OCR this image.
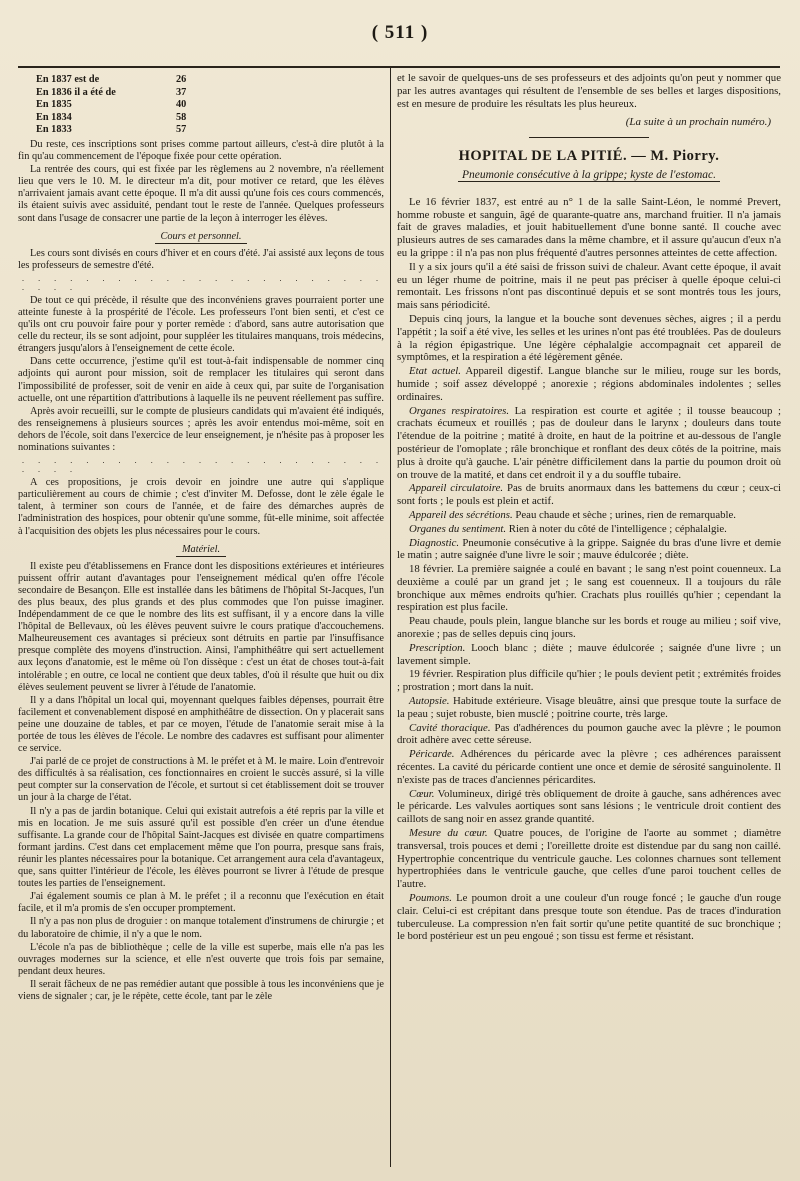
( 511 )
En 1837 est de	26
En 1836 il a été de	37
En 1835	40
En 1834	58
En 1833	57

Du reste, ces inscriptions sont prises comme partout ailleurs, c'est-à dire plutôt à la fin qu'au commencement de l'époque fixée pour cette opération.

La rentrée des cours, qui est fixée par les règlemens au 2 novembre, n'a réellement lieu que vers le 10. M. le directeur m'a dit, pour motiver ce retard, que les élèves n'arrivaient jamais avant cette époque. Il m'a dit aussi qu'une fois ces cours commencés, ils étaient suivis avec assiduité, pendant tout le reste de l'année. Quelques professeurs sont dans l'usage de consacrer une partie de la leçon à interroger les élèves.

Cours et personnel.

Les cours sont divisés en cours d'hiver et en cours d'été. J'ai assisté aux leçons de tous les professeurs de semestre d'été.

. . . . . . . . . . . . . . . . . . . . . . . . . . .

De tout ce qui précède, il résulte que des inconvéniens graves pourraient porter une atteinte funeste à la prospérité de l'école. Les professeurs l'ont bien senti, et c'est ce qu'ils ont cru pouvoir faire pour y porter remède : d'abord, sans autre autorisation que celle du recteur, ils se sont adjoint, pour suppléer les titulaires manquans, trois médecins, étrangers jusqu'alors à l'enseignement de cette école.

Dans cette occurrence, j'estime qu'il est tout-à-fait indispensable de nommer cinq adjoints qui auront pour mission, soit de remplacer les titulaires qui seront dans l'impossibilité de professer, soit de venir en aide à ceux qui, par suite de l'organisation actuelle, ont une répartition d'attributions à laquelle ils ne peuvent réellement pas suffire.

Après avoir recueilli, sur le compte de plusieurs candidats qui m'avaient été indiqués, des renseignemens à plusieurs sources ; après les avoir entendus moi-même, soit en dehors de l'école, soit dans l'exercice de leur enseignement, je n'hésite pas à proposer les nominations suivantes :

. . . . . . . . . . . . . . . . . . . . . . . . . . .

A ces propositions, je crois devoir en joindre une autre qui s'applique particulièrement au cours de chimie ; c'est d'inviter M. Defosse, dont le zèle égale le talent, à terminer son cours de l'année, et de faire des démarches auprès de l'administration des hospices, pour obtenir qu'une somme, fût-elle minime, soit affectée à l'acquisition des objets les plus nécessaires pour le cours.

Matériel.

Il existe peu d'établissemens en France dont les dispositions extérieures et intérieures puissent offrir autant d'avantages pour l'enseignement médical qu'en offre l'école secondaire de Besançon. Elle est installée dans les bâtimens de l'hôpital St-Jacques, l'un des plus beaux, des plus grands et des plus commodes que l'on puisse imaginer. Indépendamment de ce que le nombre des lits est suffisant, il y a encore dans la ville l'hôpital de Bellevaux, où les élèves peuvent suivre le cours pratique d'accouchemens. Malheureusement ces avantages si précieux sont détruits en partie par l'insuffisance presque complète des moyens d'instruction. Ainsi, l'amphithéâtre qui sert actuellement aux leçons d'anatomie, est le même où l'on dissèque : c'est un état de choses tout-à-fait intolérable ; en outre, ce local ne contient que deux tables, d'où il résulte que huit ou dix élèves seulement peuvent se livrer à l'étude de l'anatomie.

Il y a dans l'hôpital un local qui, moyennant quelques faibles dépenses, pourrait être facilement et convenablement disposé en amphithéâtre de dissection. On y placerait sans peine une douzaine de tables, et par ce moyen, l'étude de l'anatomie serait mise à la portée de tous les élèves de l'école. Le nombre des cadavres est suffisant pour alimenter ce service.

J'ai parlé de ce projet de constructions à M. le préfet et à M. le maire. Loin d'entrevoir des difficultés à sa réalisation, ces fonctionnaires en croient le succès assuré, si la ville peut compter sur la conservation de l'école, et surtout si cet établissement doit se trouver un jour à la charge de l'état.

Il n'y a pas de jardin botanique. Celui qui existait autrefois a été repris par la ville et mis en location. Je me suis assuré qu'il est possible d'en créer un d'une étendue suffisante. La grande cour de l'hôpital Saint-Jacques est divisée en quatre compartimens formant jardins. C'est dans cet emplacement même que l'on pourra, presque sans frais, réunir les plantes nécessaires pour la botanique. Cet arrangement aura cela d'avantageux, que, sans quitter l'intérieur de l'école, les élèves pourront se livrer à l'étude de presque toutes les parties de l'enseignement.

J'ai également soumis ce plan à M. le préfet ; il a reconnu que l'exécution en était facile, et il m'a promis de s'en occuper promptement.

Il n'y a pas non plus de droguier : on manque totalement d'instrumens de chirurgie ; et du laboratoire de chimie, il n'y a que le nom.

L'école n'a pas de bibliothèque ; celle de la ville est superbe, mais elle n'a pas les ouvrages modernes sur la science, et elle n'est ouverte que trois fois par semaine, pendant deux heures.

Il serait fâcheux de ne pas remédier autant que possible à tous les inconvéniens que je viens de signaler ; car, je le répète, cette école, tant par le zèle

et le savoir de quelques-uns de ses professeurs et des adjoints qu'on peut y nommer que par les autres avantages qui résultent de l'ensemble de ses belles et larges dispositions, est en mesure de produire les résultats les plus heureux.

(La suite à un prochain numéro.)
HOPITAL DE LA PITIÉ. — M. Piorry.
Pneumonie consécutive à la grippe; kyste de l'estomac.

Le 16 février 1837, est entré au n° 1 de la salle Saint-Léon, le nommé Prevert, homme robuste et sanguin, âgé de quarante-quatre ans, marchand fruitier. Il n'a jamais fait de graves maladies, et jouit habituellement d'une bonne santé. Il couche avec plusieurs autres de ses camarades dans la même chambre, et il assure qu'aucun d'eux n'a eu la grippe : il n'a pas non plus fréquenté d'autres personnes atteintes de cette affection.

Il y a six jours qu'il a été saisi de frisson suivi de chaleur. Avant cette époque, il avait eu un léger rhume de poitrine, mais il ne peut pas préciser à quelle époque celui-ci remontait. Les frissons n'ont pas discontinué depuis et se sont montrés tous les jours, mais sans périodicité.

Depuis cinq jours, la langue et la bouche sont devenues sèches, aigres ; il a perdu l'appétit ; la soif a été vive, les selles et les urines n'ont pas été troublées. Pas de douleurs à la région épigastrique. Une légère céphalalgie accompagnait cet appareil de symptômes, et la respiration a été légèrement gênée.

Etat actuel. Appareil digestif. Langue blanche sur le milieu, rouge sur les bords, humide ; soif assez développé ; anorexie ; régions abdominales indolentes ; selles ordinaires.

Organes respiratoires. La respiration est courte et agitée ; il tousse beaucoup ; crachats écumeux et rouillés ; pas de douleur dans le larynx ; douleurs dans toute l'étendue de la poitrine ; matité à droite, en haut de la poitrine et au-dessous de l'angle postérieur de l'omoplate ; râle bronchique et ronflant des deux côtés de la poitrine, mais plus à droite qu'à gauche. L'air pénètre difficilement dans la partie du poumon droit où on trouve de la matité, et dans cet endroit il y a du souffle tubaire.

Appareil circulatoire. Pas de bruits anormaux dans les battemens du cœur ; ceux-ci sont forts ; le pouls est plein et actif.

Appareil des sécrétions. Peau chaude et sèche ; urines, rien de remarquable.

Organes du sentiment. Rien à noter du côté de l'intelligence ; céphalalgie.

Diagnostic. Pneumonie consécutive à la grippe. Saignée du bras d'une livre et demie le matin ; autre saignée d'une livre le soir ; mauve édulcorée ; diète.

18 février. La première saignée a coulé en bavant ; le sang n'est point couenneux. La deuxième a coulé par un grand jet ; le sang est couenneux. Il a toujours du râle bronchique aux mêmes endroits qu'hier. Crachats plus rouillés qu'hier ; cependant la respiration est plus facile.

Peau chaude, pouls plein, langue blanche sur les bords et rouge au milieu ; soif vive, anorexie ; pas de selles depuis cinq jours.

Prescription. Looch blanc ; diète ; mauve édulcorée ; saignée d'une livre ; un lavement simple.

19 février. Respiration plus difficile qu'hier ; le pouls devient petit ; extrémités froides ; prostration ; mort dans la nuit.

Autopsie. Habitude extérieure. Visage bleuâtre, ainsi que presque toute la surface de la peau ; sujet robuste, bien musclé ; poitrine courte, très large.

Cavité thoracique. Pas d'adhérences du poumon gauche avec la plèvre ; le poumon droit adhère avec cette séreuse.

Péricarde. Adhérences du péricarde avec la plèvre ; ces adhérences paraissent récentes. La cavité du péricarde contient une once et demie de sérosité sanguinolente. Il n'existe pas de traces d'anciennes péricardites.

Cœur. Volumineux, dirigé très obliquement de droite à gauche, sans adhérences avec le péricarde. Les valvules aortiques sont sans lésions ; le ventricule droit contient des caillots de sang noir en assez grande quantité.

Mesure du cœur. Quatre pouces, de l'origine de l'aorte au sommet ; diamètre transversal, trois pouces et demi ; l'oreillette droite est distendue par du sang non caillé. Hypertrophie concentrique du ventricule gauche. Les colonnes charnues sont tellement hypertrophiées dans le ventricule gauche, que celles d'une paroi touchent celles de l'autre.

Poumons. Le poumon droit a une couleur d'un rouge foncé ; le gauche d'un rouge clair. Celui-ci est crépitant dans presque toute son étendue. Pas de traces d'induration tuberculeuse. La compression n'en fait sortir qu'une petite quantité de suc bronchique ; le bord postérieur est un peu engoué ; son tissu est ferme et résistant.
